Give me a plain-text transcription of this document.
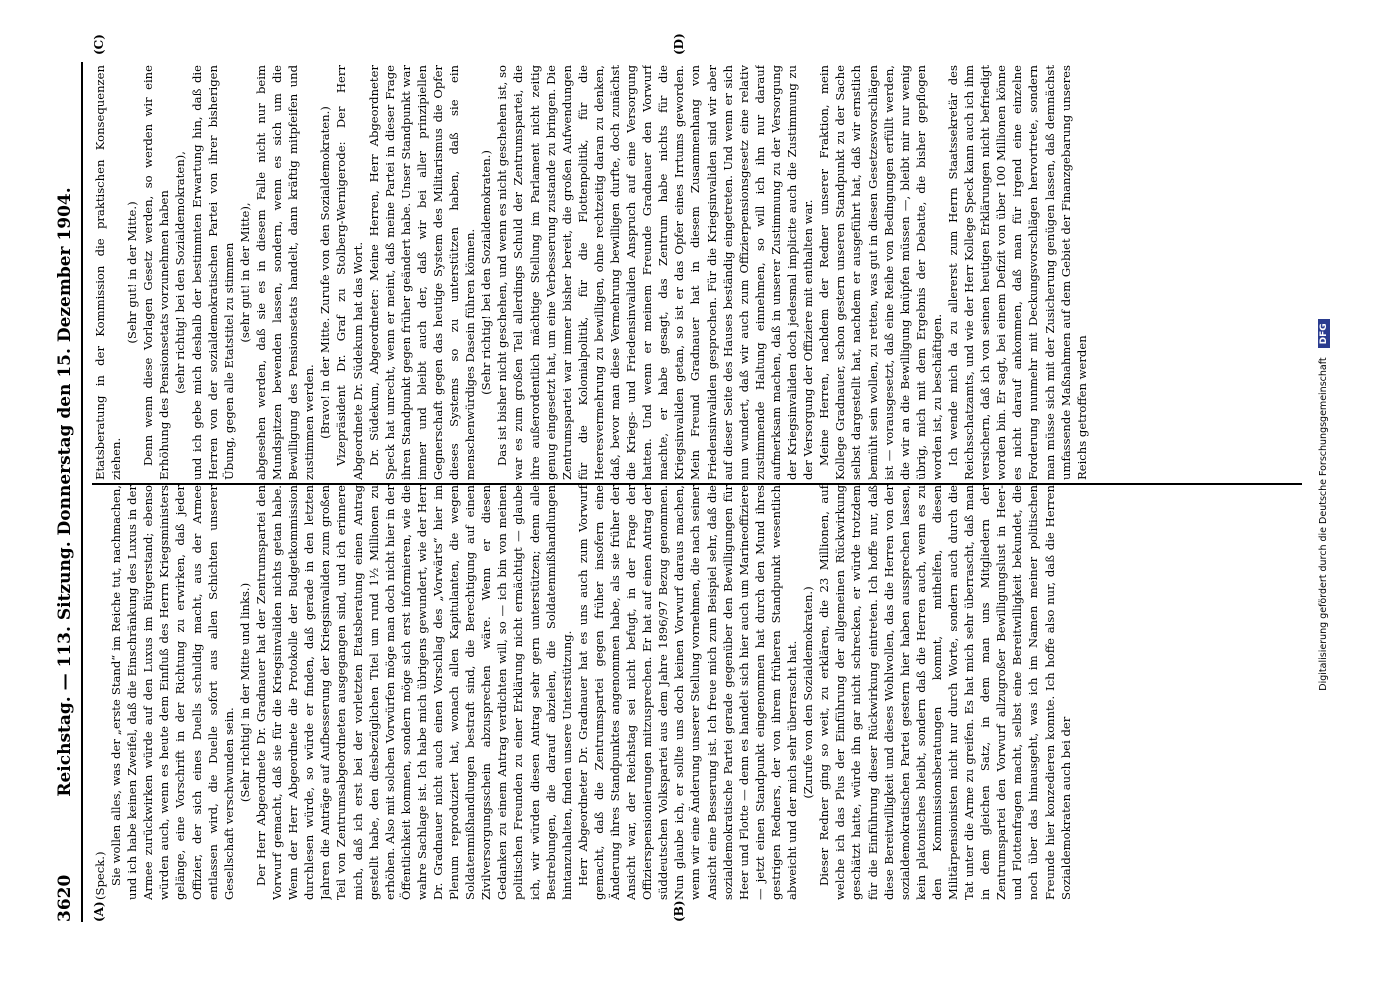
3620
Reichstag. — 113. Sitzung. Donnerstag den 15. Dezember 1904.
(A)	(B)
(C)	(D)

(Speck.) Sie wollen alles, was der „erste Stand“ im Reiche tut, nachmachen, und ich habe keinen Zweifel, daß die Einschränkung des Luxus in der Armee zurückwirken würde auf den Luxus im Bürgerstand; ebenso würden auch, wenn es heute dem Einfluß des Herrn Kriegsministers gelänge, eine Vorschrift in der Richtung zu erwirken, daß jeder Offizier, der sich eines Duells schuldig macht, aus der Armee entlassen wird, die Duelle sofort aus allen Schichten unserer Gesellschaft verschwunden sein.

(Sehr richtig! in der Mitte und links.) Der Herr Abgeordnete Dr. Gradnauer hat der Zentrumspartei den Vorwurf gemacht, daß sie für die Kriegsinvaliden nichts getan habe. Wenn der Herr Abgeordnete die Protokolle der Budgetkommission durchlesen würde, so würde er finden, daß gerade in den letzten Jahren die Anträge auf Aufbesserung der Kriegsinvaliden zum großen Teil von Zentrumsabgeordneten ausgegangen sind, und ich erinnere mich, daß ich erst bei der vorletzten Etatsberatung einen Antrag gestellt habe, den diesbezüglichen Titel um rund 1½ Millionen zu erhöhen. Also mit solchen Vorwürfen möge man doch nicht hier in der Öffentlichkeit kommen, sondern möge sich erst informieren, wie die wahre Sachlage ist. Ich habe mich übrigens gewundert, wie der Herr Dr. Gradnauer nicht auch einen Vorschlag des „Vorwärts“ hier im Plenum reproduziert hat, wonach allen Kapitulanten, die wegen Soldatenmißhandlungen bestraft sind, die Berechtigung auf einen Zivilversorgungsschein abzusprechen wäre. Wenn er diesen Gedanken zu einem Antrag verdichten will, so — ich bin von meinen politischen Freunden zu einer Erklärung nicht ermächtigt — glaube ich, wir würden diesen Antrag sehr gern unterstützen; denn alle Bestrebungen, die darauf abzielen, die Soldatenmißhandlungen hintanzuhalten, finden unsere Unterstützung. Herr Abgeordneter Dr. Gradnauer hat es uns auch zum Vorwurf gemacht, daß die Zentrumspartei gegen früher insofern eine Änderung ihres Standpunktes angenommen habe, als sie früher der Ansicht war, der Reichstag sei nicht befugt, in der Frage der Offizierspensionierungen mitzusprechen. Er hat auf einen Antrag der süddeutschen Volkspartei aus dem Jahre 1896/97 Bezug genommen. Nun glaube ich, er sollte uns doch keinen Vorwurf daraus machen, wenn wir eine Änderung unserer Stellung vornehmen, die nach seiner Ansicht eine Besserung ist. Ich freue mich zum Beispiel sehr, daß die sozialdemokratische Partei gerade gegenüber den Bewilligungen für Heer und Flotte — denn es handelt sich hier auch um Marineoffiziere — jetzt einen Standpunkt eingenommen hat durch den Mund ihres gestrigen Redners, der von ihrem früheren Standpunkt wesentlich abweicht und der mich sehr überrascht hat. (Zurufe von den Sozialdemokraten.) Dieser Redner ging so weit, zu erklären, die 23 Millionen, auf welche ich das Plus der Einführung der allgemeinen Rückwirkung geschätzt hatte, würde ihn gar nicht schrecken, er würde trotzdem für die Einführung dieser Rückwirkung eintreten. Ich hoffe nur, daß diese Bereitwilligkeit und dieses Wohlwollen, das die Herren von der sozialdemokratischen Partei gestern hier haben aussprechen lassen, kein platonisches bleibt, sondern daß die Herren auch, wenn es zu den Kommissionsberatungen kommt, mithelfen, diesen Militärpensionisten nicht nur durch Worte, sondern auch durch die Tat unter die Arme zu greifen. Es hat mich sehr überrascht, daß man in dem gleichen Satz, in dem man uns Mitgliedern der Zentrumspartei den Vorwurf allzugroßer Bewilligungslust in Heer- und Flottenfragen macht, selbst eine Bereitwilligkeit bekundet, die noch über das hinausgeht, was ich im Namen meiner politischen Freunde hier konzedieren konnte. Ich hoffe also nur, daß die Herren Sozialdemokraten auch bei der

Etatsberatung in der Kommission die praktischen Konsequenzen ziehen.

(Sehr gut! in der Mitte.) Denn wenn diese Vorlagen Gesetz werden, so werden wir eine Erhöhung des Pensionsetats vorzunehmen haben (sehr richtig! bei den Sozialdemokraten), und ich gebe mich deshalb der bestimmten Erwartung hin, daß die Herren von der sozialdemokratischen Partei von ihrer bisherigen Übung, gegen alle Etatstitel zu stimmen (sehr gut! in der Mitte), abgesehen werden, daß sie es in diesem Falle nicht nur beim Mundspitzen bewenden lassen, sondern, wenn es sich um die Bewilligung des Pensionsetats handelt, dann kräftig mitpfeifen und zustimmen werden. (Bravo! in der Mitte. Zurufe von den Sozialdemokraten.) Vizepräsident Dr. Graf zu Stolberg-Wernigerode: Der Herr Abgeordnete Dr. Südekum hat das Wort. Dr. Südekum, Abgeordneter: Meine Herren, Herr Abgeordneter Speck hat unrecht, wenn er meint, daß meine Partei in dieser Frage ihren Standpunkt gegen früher geändert habe. Unser Standpunkt war immer und bleibt auch der, daß wir bei aller prinzipiellen Gegnerschaft gegen das heutige System des Militarismus die Opfer dieses Systems so zu unterstützen haben, daß sie ein menschenwürdiges Dasein führen können. (Sehr richtig! bei den Sozialdemokraten.) Das ist bisher nicht geschehen, und wenn es nicht geschehen ist, so war es zum großen Teil allerdings Schuld der Zentrumspartei, die ihre außerordentlich mächtige Stellung im Parlament nicht zeitig genug eingesetzt hat, um eine Verbesserung zustande zu bringen. Die Zentrumspartei war immer bisher bereit, die großen Aufwendungen für die Kolonialpolitik, für die Flottenpolitik, für die Heeresvermehrung zu bewilligen, ohne rechtzeitig daran zu denken, daß, bevor man diese Vermehrung bewilligen durfte, doch zunächst die Kriegs- und Friedensinvaliden Anspruch auf eine Versorgung hatten. Und wenn er meinem Freunde Gradnauer den Vorwurf machte, er habe gesagt, das Zentrum habe nichts für die Kriegsinvaliden getan, so ist er das Opfer eines Irrtums geworden. Mein Freund Gradnauer hat in diesem Zusammenhang von Friedensinvaliden gesprochen. Für die Kriegsinvaliden sind wir aber auf dieser Seite des Hauses beständig eingetreten. Und wenn er sich nun wundert, daß wir auch zum Offizierpensionsgesetz eine relativ zustimmende Haltung einnehmen, so will ich ihn nur darauf aufmerksam machen, daß in unserer Zustimmung zu der Versorgung der Kriegsinvaliden doch jedesmal implicite auch die Zustimmung zu der Versorgung der Offiziere mit enthalten war. Meine Herren, nachdem der Redner unserer Fraktion, mein Kollege Gradnauer, schon gestern unseren Standpunkt zu der Sache selbst dargestellt hat, nachdem er ausgeführt hat, daß wir ernstlich bemüht sein wollen, zu retten, was gut in diesen Gesetzesvorschlägen ist — vorausgesetzt, daß eine Reihe von Bedingungen erfüllt werden, die wir an die Bewilligung knüpfen müssen —, bleibt mir nur wenig übrig, mich mit dem Ergebnis der Debatte, die bisher gepflogen worden ist, zu beschäftigen. Ich wende mich da zu allererst zum Herrn Staatssekretär des Reichsschatzamts, und wie der Herr Kollege Speck kann auch ich ihm versichern, daß ich von seinen heutigen Erklärungen nicht befriedigt worden bin. Er sagt, bei einem Defizit von über 100 Millionen könne es nicht darauf ankommen, daß man für irgend eine einzelne Forderung nunmehr mit Deckungsvorschlägen hervortrete, sondern man müsse sich mit der Zusicherung genügen lassen, daß demnächst umfassende Maßnahmen auf dem Gebiet der Finanzgebarung unseres Reichs getroffen werden	Digitalisierung gefördert durch die Deutsche Forschungsgemeinschaft DFG
